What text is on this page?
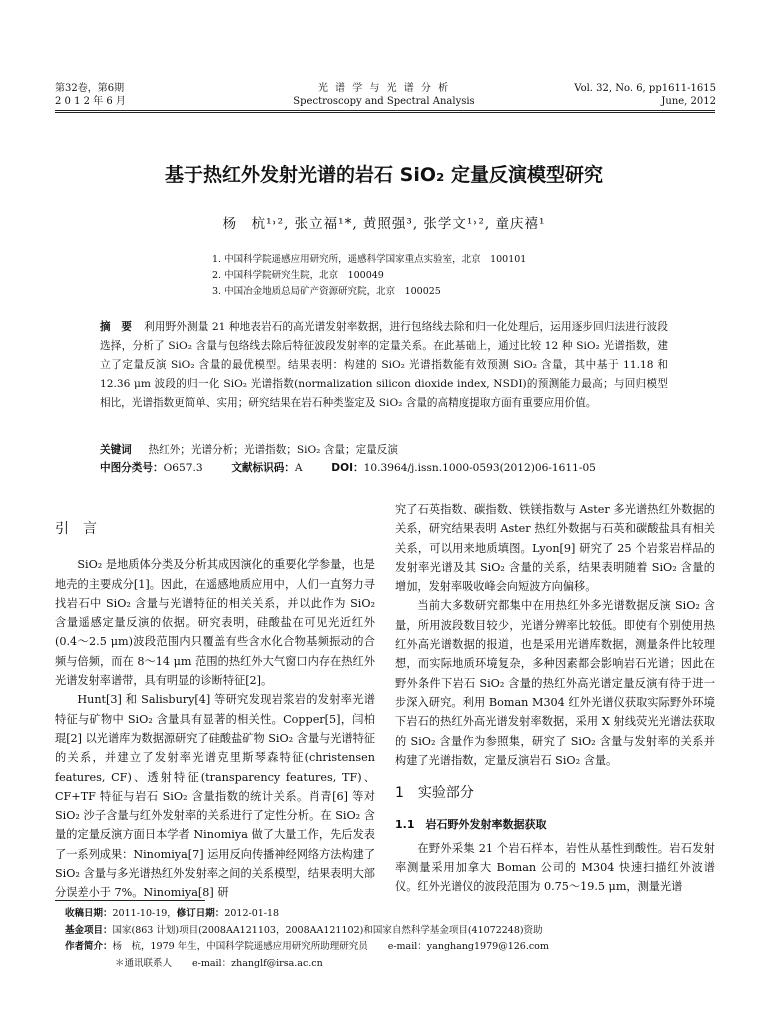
第32卷，第6期
2 0 1 2 年 6 月
光 谱 学 与 光 谱 分 析
Spectroscopy and Spectral Analysis
Vol. 32, No. 6, pp1611-1615
June, 2012
基于热红外发射光谱的岩石 SiO₂ 定量反演模型研究
杨　杭¹˒², 张立福¹*, 黄照强³, 张学文¹˒², 童庆禧¹
1. 中国科学院遥感应用研究所，遥感科学国家重点实验室，北京　100101
2. 中国科学院研究生院，北京　100049
3. 中国冶金地质总局矿产资源研究院，北京　100025
摘　要 利用野外测量 21 种地表岩石的高光谱发射率数据，进行包络线去除和归一化处理后，运用逐步回归法进行波段选择，分析了 SiO₂ 含量与包络线去除后特征波段发射率的定量关系。在此基础上，通过比较 12 种 SiO₂ 光谱指数，建立了定量反演 SiO₂ 含量的最优模型。结果表明：构建的 SiO₂ 光谱指数能有效预测 SiO₂ 含量，其中基于 11.18 和 12.36 μm 波段的归一化 SiO₂ 光谱指数(normalization silicon dioxide index, NSDI)的预测能力最高；与回归模型相比，光谱指数更简单、实用；研究结果在岩石种类鉴定及 SiO₂ 含量的高精度提取方面有重要应用价值。
关键词 热红外；光谱分析；光谱指数；SiO₂ 含量；定量反演
中图分类号：O657.3	文献标识码：A	DOI：10.3964/j.issn.1000-0593(2012)06-1611-05
引　言

SiO₂ 是地质体分类及分析其成因演化的重要化学参量，也是地壳的主要成分[1]。因此，在遥感地质应用中，人们一直努力寻找岩石中 SiO₂ 含量与光谱特征的相关关系，并以此作为 SiO₂ 含量遥感定量反演的依据。研究表明，硅酸盐在可见光近红外(0.4～2.5 μm)波段范围内只覆盖有些含水化合物基频振动的合频与倍频，而在 8～14 μm 范围的热红外大气窗口内存在热红外光谱发射率谱带，具有明显的诊断特征[2]。

Hunt[3] 和 Salisbury[4] 等研究发现岩浆岩的发射率光谱特征与矿物中 SiO₂ 含量具有显著的相关性。Copper[5]，闫柏琨[2] 以光谱库为数据源研究了硅酸盐矿物 SiO₂ 含量与光谱特征的关系，并建立了发射率光谱克里斯琴森特征(christensen features, CF)、透射特征(transparency features, TF)、CF+TF 特征与岩石 SiO₂ 含量指数的统计关系。肖青[6] 等对 SiO₂ 沙子含量与红外发射率的关系进行了定性分析。在 SiO₂ 含量的定量反演方面日本学者 Ninomiya 做了大量工作，先后发表了一系列成果：Ninomiya[7] 运用反向传播神经网络方法构建了 SiO₂ 含量与多光谱热红外发射率之间的关系模型，结果表明大部分误差小于 7%。Ninomiya[8] 研

究了石英指数、碳指数、铁镁指数与 Aster 多光谱热红外数据的关系，研究结果表明 Aster 热红外数据与石英和碳酸盐具有相关关系，可以用来地质填图。Lyon[9] 研究了 25 个岩浆岩样品的发射率光谱及其 SiO₂ 含量的关系，结果表明随着 SiO₂ 含量的增加，发射率吸收峰会向短波方向偏移。

当前大多数研究都集中在用热红外多光谱数据反演 SiO₂ 含量，所用波段数目较少，光谱分辨率比较低。即使有个别使用热红外高光谱数据的报道，也是采用光谱库数据，测量条件比较理想，而实际地质环境复杂，多种因素都会影响岩石光谱；因此在野外条件下岩石 SiO₂ 含量的热红外高光谱定量反演有待于进一步深入研究。利用 Boman M304 红外光谱仪获取实际野外环境下岩石的热红外高光谱发射率数据，采用 X 射线荧光光谱法获取的 SiO₂ 含量作为参照集，研究了 SiO₂ 含量与发射率的关系并构建了光谱指数，定量反演岩石 SiO₂ 含量。

1　实验部分
1.1　岩石野外发射率数据获取

在野外采集 21 个岩石样本，岩性从基性到酸性。岩石发射率测量采用加拿大 Boman 公司的 M304 快速扫描红外波谱仪。红外光谱仪的波段范围为 0.75～19.5 μm，测量光谱

收稿日期：2011-10-19，修订日期：2012-01-18
基金项目：国家(863 计划)项目(2008AA121103，2008AA121102)和国家自然科学基金项目(41072248)资助
作者简介：杨　杭，1979 年生，中国科学院遥感应用研究所助理研究员 e-mail：yanghang1979@126.com
＊通讯联系人 e-mail：zhanglf@irsa.ac.cn
